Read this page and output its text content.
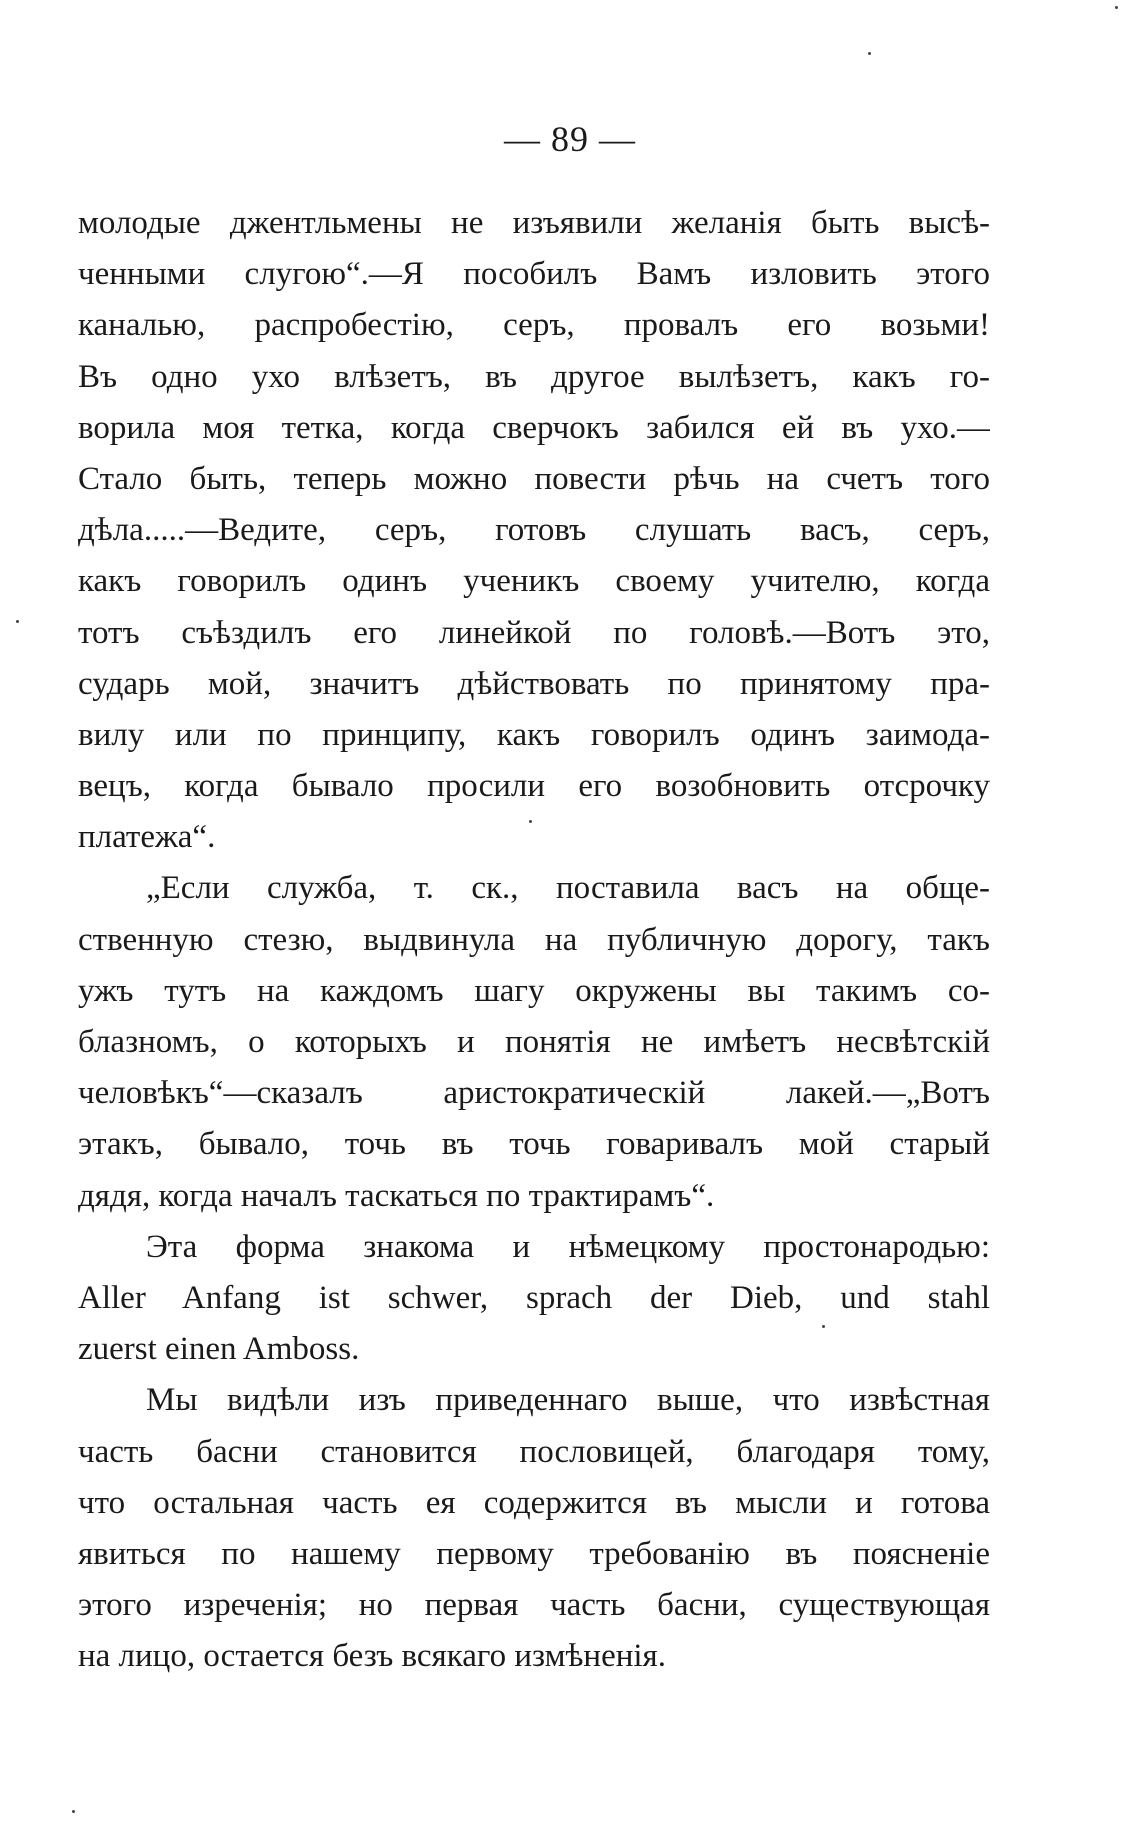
— 89 —
молодые джентльмены не изъявили желанія быть высѣ-
ченными слугою“.—Я пособилъ Вамъ изловить этого
каналью, распробестію, серъ, провалъ его возьми!
Въ одно ухо влѣзетъ, въ другое вылѣзетъ, какъ го-
ворила моя тетка, когда сверчокъ забился ей въ ухо.—
Стало быть, теперь можно повести рѣчь на счетъ того
дѣла.....—Ведите, серъ, готовъ слушать васъ, серъ,
какъ говорилъ одинъ ученикъ своему учителю, когда
тотъ съѣздилъ его линейкой по головѣ.—Вотъ это,
сударь мой, значитъ дѣйствовать по принятому пра-
вилу или по принципу, какъ говорилъ одинъ заимода-
вецъ, когда бывало просили его возобновить отсрочку
платежа“.
„Если служба, т. ск., поставила васъ на обще-
ственную стезю, выдвинула на публичную дорогу, такъ
ужъ тутъ на каждомъ шагу окружены вы такимъ со-
блазномъ, о которыхъ и понятія не имѣетъ несвѣтскій
человѣкъ“—сказалъ аристократическій лакей.—„Вотъ
этакъ, бывало, точь въ точь говаривалъ мой старый
дядя, когда началъ таскаться по трактирамъ“.
Эта форма знакома и нѣмецкому простонародью:
Aller Anfang ist schwer, sprach der Dieb, und stahl
zuerst einen Amboss.
Мы видѣли изъ приведеннаго выше, что извѣстная
часть басни становится пословицей, благодаря тому,
что остальная часть ея содержится въ мысли и готова
явиться по нашему первому требованію въ поясненіе
этого изреченія; но первая часть басни, существующая
на лицо, остается безъ всякаго измѣненія.
